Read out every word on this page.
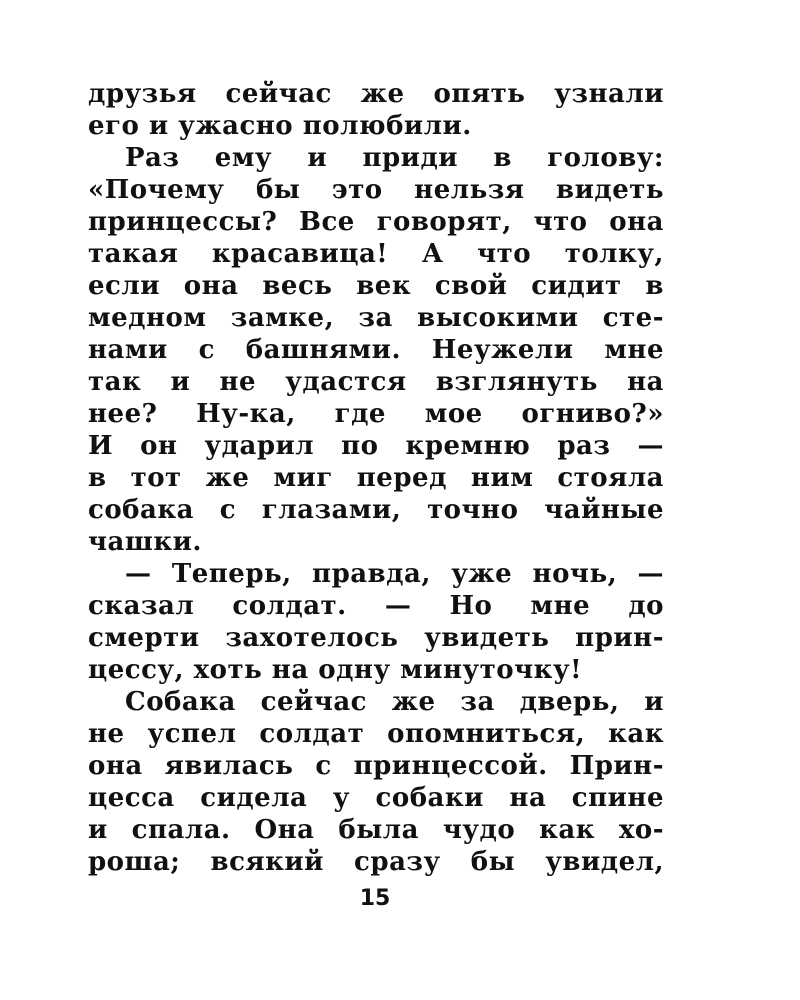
друзья сейчас же опять узнали
его и ужасно полюбили.
Раз ему и приди в голову:
«Почему бы это нельзя видеть
принцессы? Все говорят, что она
такая красавица! А что толку,
если она весь век свой сидит в
медном замке, за высокими сте-
нами с башнями. Неужели мне
так и не удастся взглянуть на
нее? Ну-ка, где мое огниво?»
И он ударил по кремню раз —
в тот же миг перед ним стояла
собака с глазами, точно чайные
чашки.
— Теперь, правда, уже ночь, —
сказал солдат. — Но мне до
смерти захотелось увидеть прин-
цессу, хоть на одну минуточку!
Собака сейчас же за дверь, и
не успел солдат опомниться, как
она явилась с принцессой. Прин-
цесса сидела у собаки на спине
и спала. Она была чудо как хо-
роша; всякий сразу бы увидел,
15
